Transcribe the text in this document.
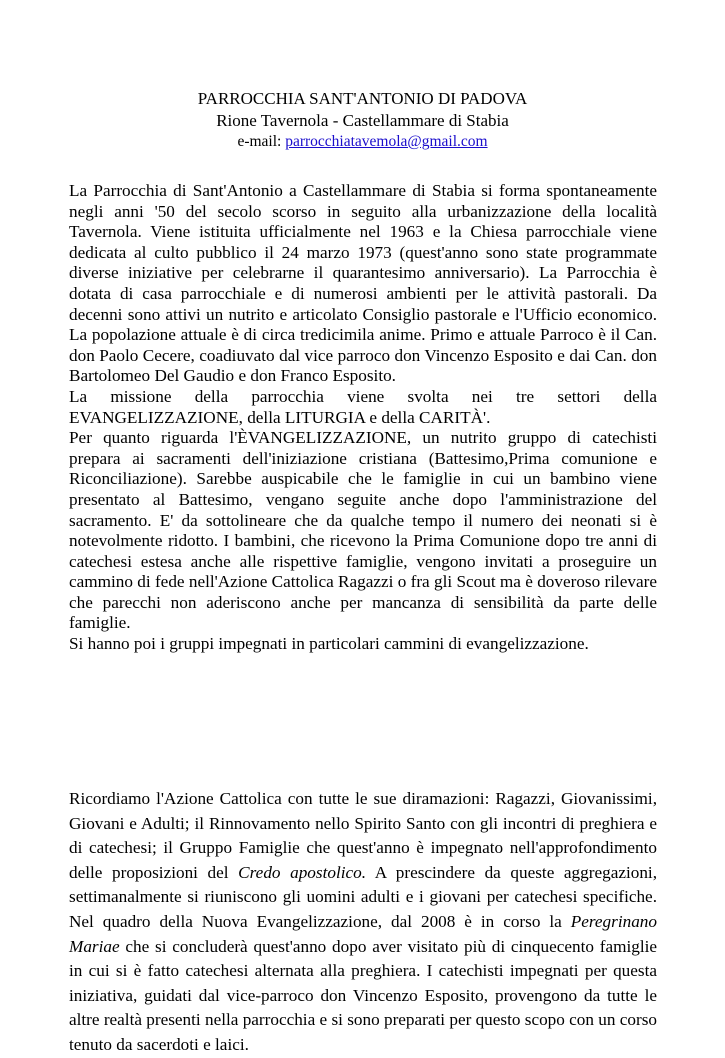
PARROCCHIA SANT'ANTONIO DI PADOVA
Rione Tavernola - Castellammare di Stabia
e-mail: parrocchiatavemola@gmail.com
La Parrocchia di Sant'Antonio a Castellammare di Stabia si forma spontaneamente negli anni '50 del secolo scorso in seguito alla urbanizzazione della località Tavernola. Viene istituita ufficialmente nel 1963 e la Chiesa parrocchiale viene dedicata al culto pubblico il 24 marzo 1973 (quest'anno sono state programmate diverse iniziative per celebrarne il quarantesimo anniversario). La Parrocchia è dotata di casa parrocchiale e di numerosi ambienti per le attività pastorali. Da decenni sono attivi un nutrito e articolato Consiglio pastorale e l'Ufficio economico. La popolazione attuale è di circa tredicimila anime. Primo e attuale Parroco è il Can. don Paolo Cecere, coadiuvato dal vice parroco don Vincenzo Esposito e dai Can. don Bartolomeo Del Gaudio e don Franco Esposito.
La missione della parrocchia viene svolta nei tre settori della EVANGELIZZAZIONE, della LITURGIA e della CARITÀ'.
Per quanto riguarda l'ÈVANGELIZZAZIONE, un nutrito gruppo di catechisti prepara ai sacramenti dell'iniziazione cristiana (Battesimo,Prima comunione e Riconciliazione). Sarebbe auspicabile che le famiglie in cui un bambino viene presentato al Battesimo, vengano seguite anche dopo l'amministrazione del sacramento. E' da sottolineare che da qualche tempo il numero dei neonati si è notevolmente ridotto. I bambini, che ricevono la Prima Comunione dopo tre anni di catechesi estesa anche alle rispettive famiglie, vengono invitati a proseguire un cammino di fede nell'Azione Cattolica Ragazzi o fra gli Scout ma è doveroso rilevare che parecchi non aderiscono anche per mancanza di sensibilità da parte delle famiglie.
Si hanno poi i gruppi impegnati in particolari cammini di evangelizzazione.
Ricordiamo l'Azione Cattolica con tutte le sue diramazioni: Ragazzi, Giovanissimi, Giovani e Adulti; il Rinnovamento nello Spirito Santo con gli incontri di preghiera e di catechesi; il Gruppo Famiglie che quest'anno è impegnato nell'approfondimento delle proposizioni del Credo apostolico. A prescindere da queste aggregazioni, settimanalmente si riuniscono gli uomini adulti e i giovani per catechesi specifiche. Nel quadro della Nuova Evangelizzazione, dal 2008 è in corso la Peregrinano Mariae che si concluderà quest'anno dopo aver visitato più di cinquecento famiglie in cui si è fatto catechesi alternata alla preghiera. I catechisti impegnati per questa iniziativa, guidati dal vice-parroco don Vincenzo Esposito, provengono da tutte le altre realtà presenti nella parrocchia e si sono preparati per questo scopo con un corso tenuto da sacerdoti e laici.
